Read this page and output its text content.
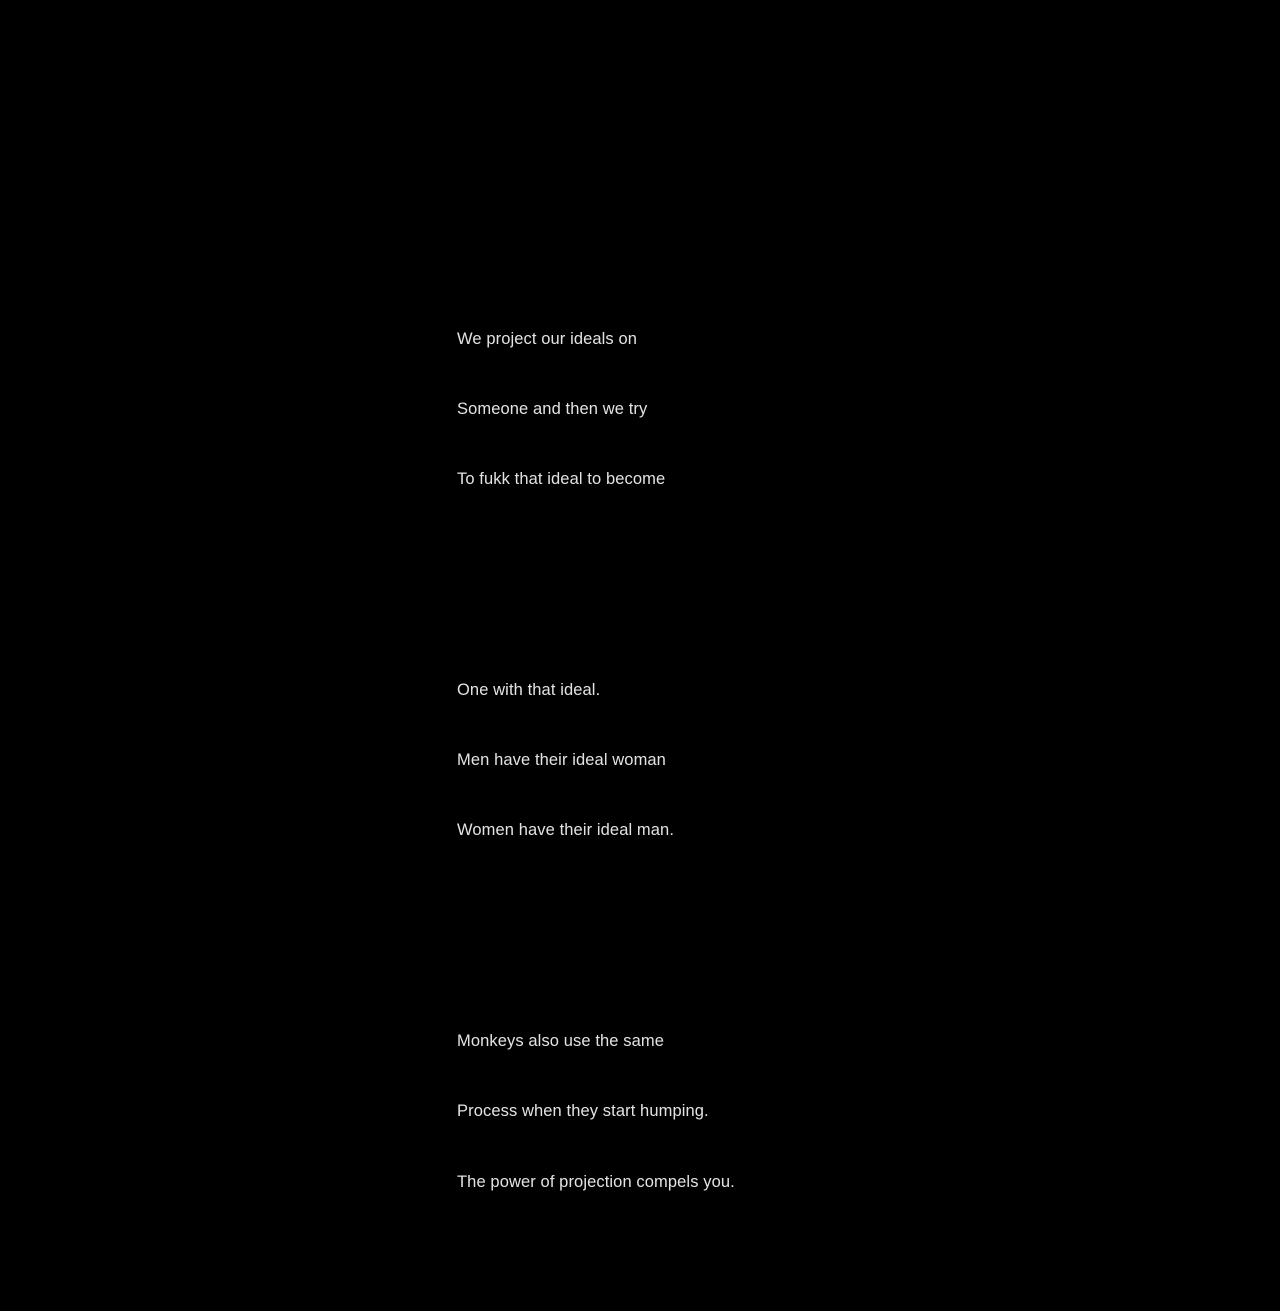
We project our ideals on

Someone and then we try

To fukk that ideal to become

One with that ideal.

Men have their ideal woman

Women have their ideal man.

Monkeys also use the same

Process when they start humping.

The power of projection compels you.
